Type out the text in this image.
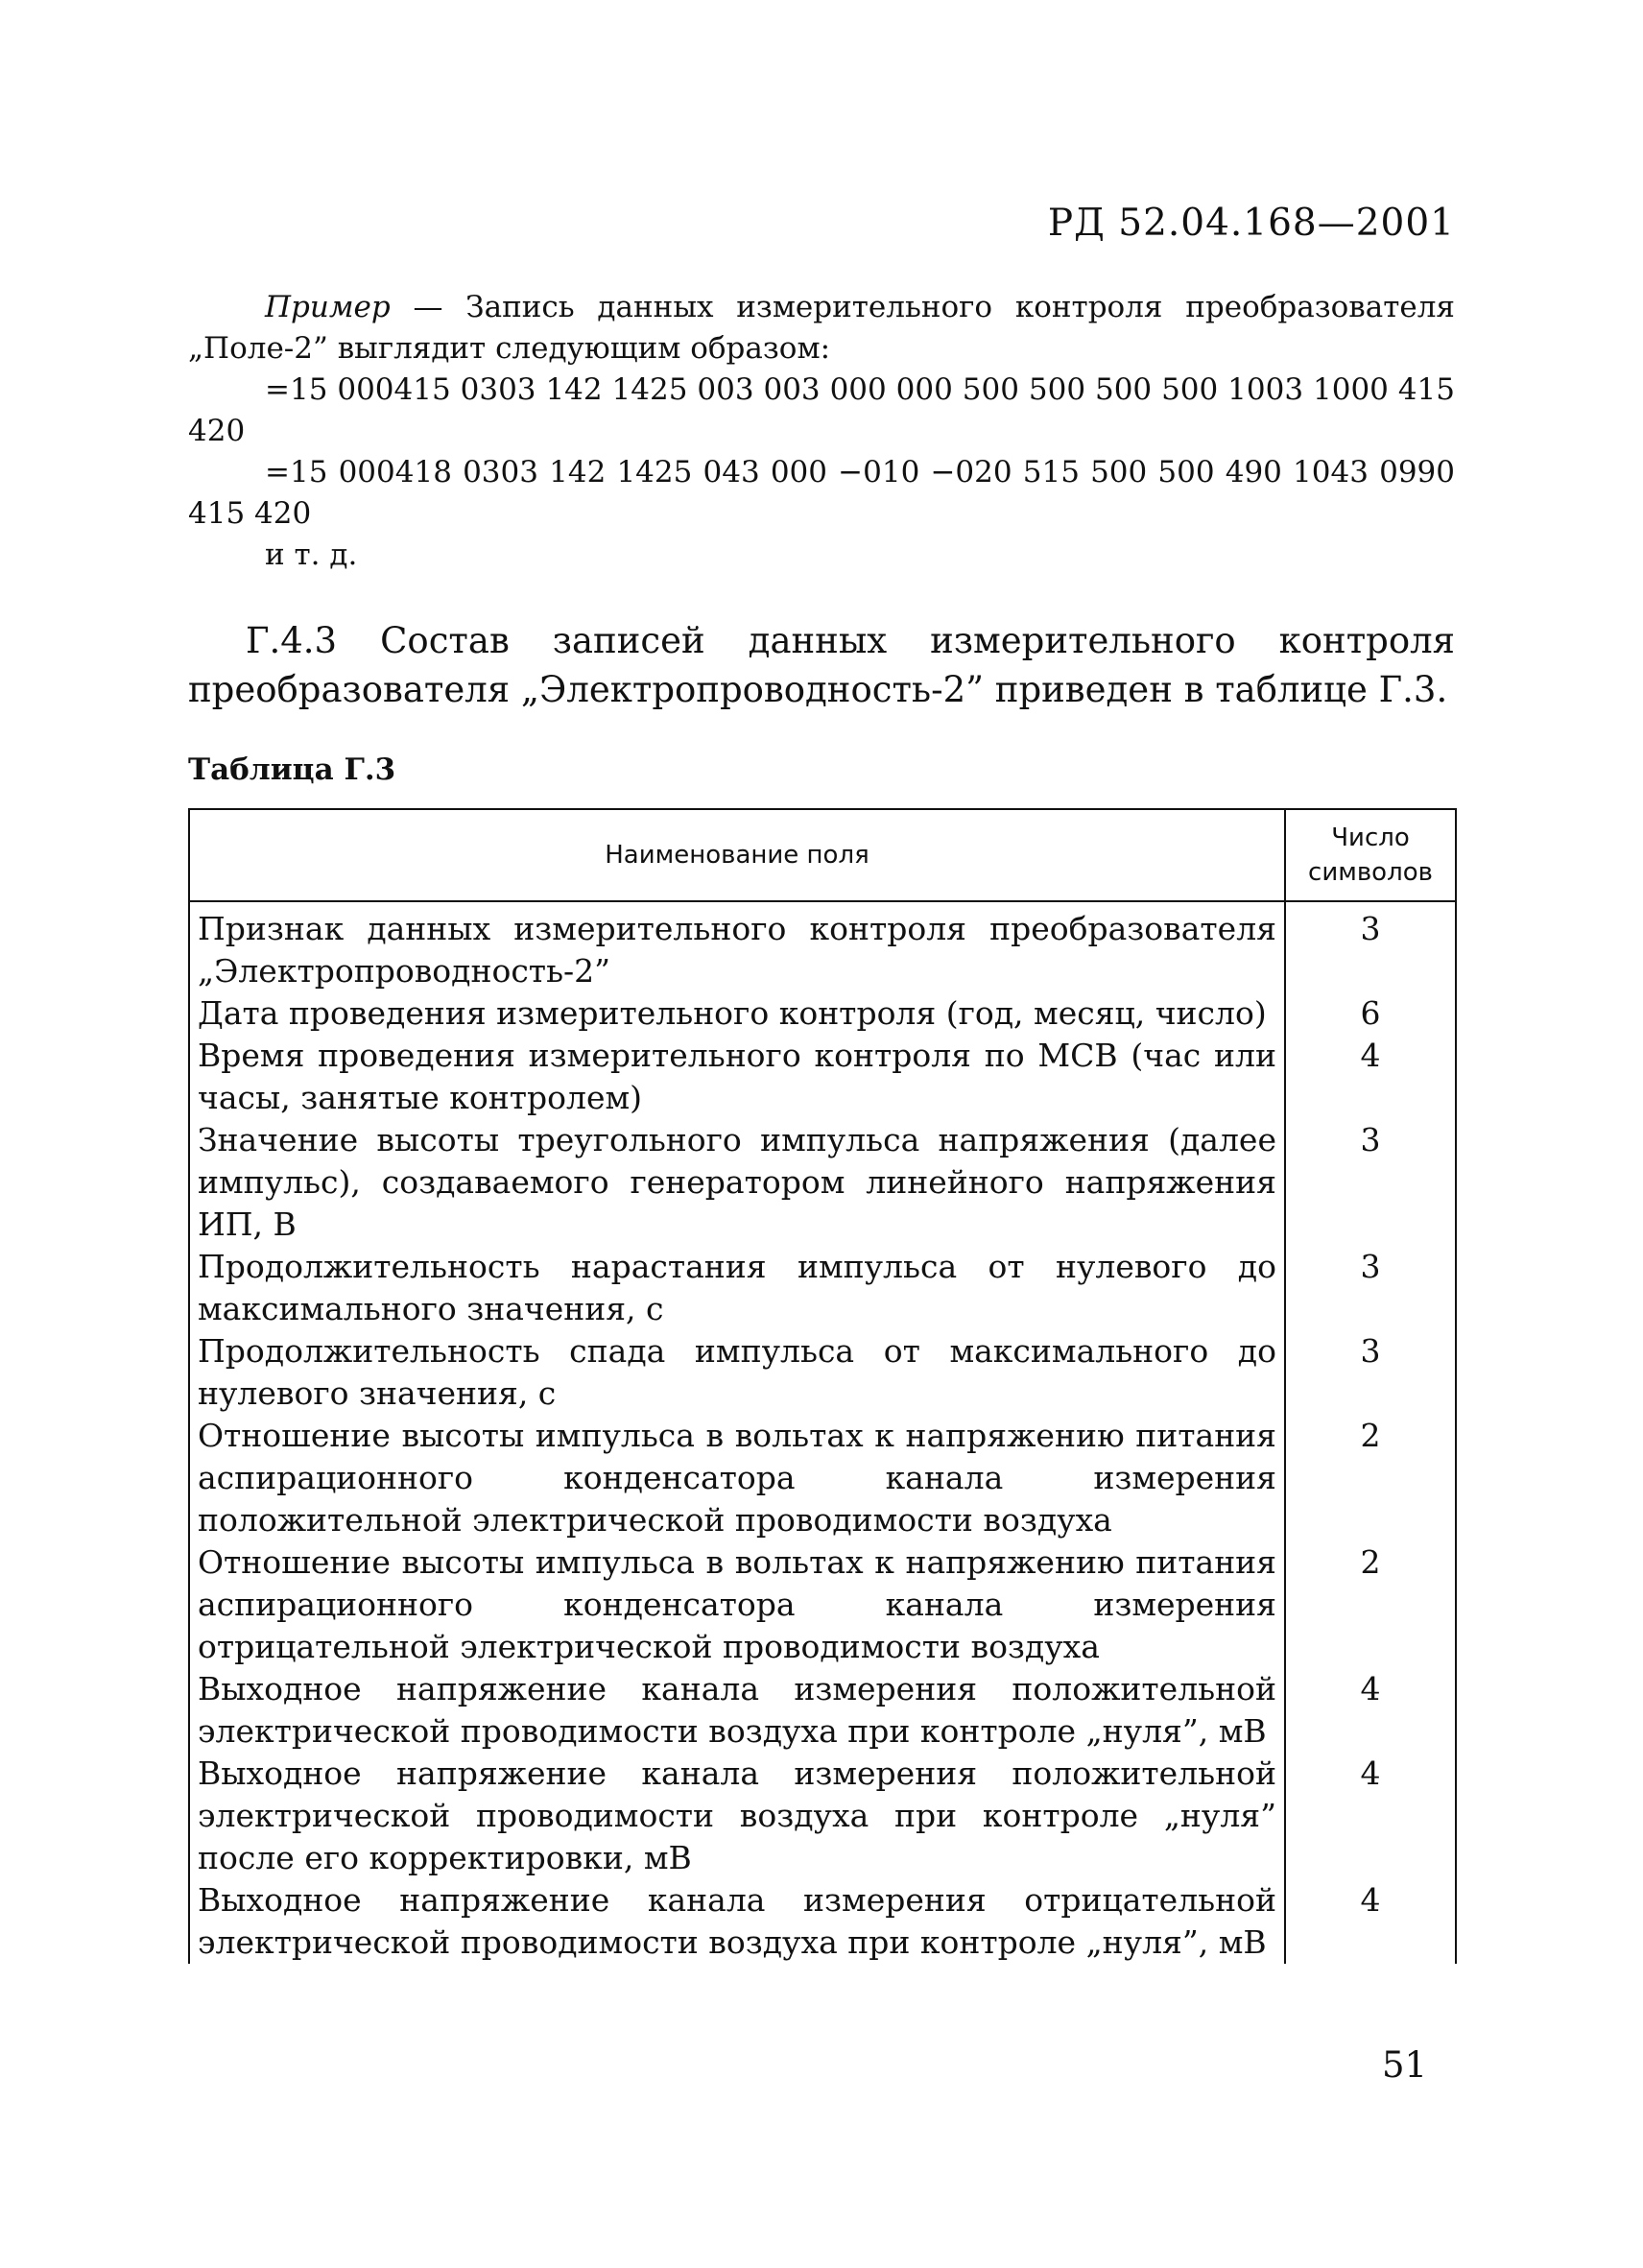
РД 52.04.168—2001

Пример — Запись данных измерительного контроля преобразователя „Поле-2” выглядит следующим образом:

=15 000415 0303 142 1425 003 003 000 000 500 500 500 500 1003 1000 415 420

=15 000418 0303 142 1425 043 000 −010 −020 515 500 500 490 1043 0990 415 420

и т. д.

Г.4.3 Состав записей данных измерительного контроля преобразователя „Электропроводность-2” приведен в таблице Г.3.

Таблица Г.3
Наименование поля	Число символов
Признак данных измерительного контроля преобразователя „Электропроводность-2”	3
Дата проведения измерительного контроля (год, месяц, число)	6
Время проведения измерительного контроля по МСВ (час или часы, занятые контролем)	4
Значение высоты треугольного импульса напряжения (далее импульс), создаваемого генератором линейного напряжения ИП, В	3
Продолжительность нарастания импульса от нулевого до максимального значения, с	3
Продолжительность спада импульса от максимального до нулевого значения, с	3
Отношение высоты импульса в вольтах к напряжению питания аспирационного конденсатора канала измерения положительной электрической проводимости воздуха	2
Отношение высоты импульса в вольтах к напряжению питания аспирационного конденсатора канала измерения отрицательной электрической проводимости воздуха	2
Выходное напряжение канала измерения положительной электрической проводимости воздуха при контроле „нуля”, мВ	4
Выходное напряжение канала измерения положительной электрической проводимости воздуха при контроле „нуля” после его корректировки, мВ	4
Выходное напряжение канала измерения отрицательной электрической проводимости воздуха при контроле „нуля”, мВ	4
51
